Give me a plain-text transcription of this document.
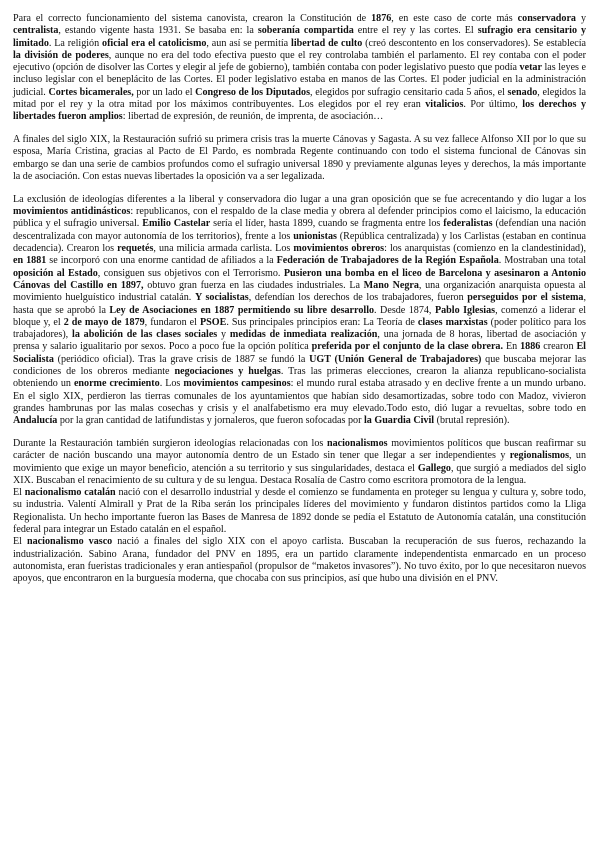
Para el correcto funcionamiento del sistema canovista, crearon la Constitución de 1876, en este caso de corte más conservadora y centralista, estando vigente hasta 1931. Se basaba en: la soberanía compartida entre el rey y las cortes. El sufragio era censitario y limitado. La religión oficial era el catolicismo, aun así se permitía libertad de culto (creó descontento en los conservadores). Se establecía la división de poderes, aunque no era del todo efectiva puesto que el rey controlaba también el parlamento. El rey contaba con el poder ejecutivo (opción de disolver las Cortes y elegir al jefe de gobierno), también contaba con poder legislativo puesto que podía vetar las leyes e incluso legislar con el beneplácito de las Cortes. El poder legislativo estaba en manos de las Cortes. El poder judicial en la administración judicial. Cortes bicamerales, por un lado el Congreso de los Diputados, elegidos por sufragio censitario cada 5 años, el senado, elegidos la mitad por el rey y la otra mitad por los máximos contribuyentes. Los elegidos por el rey eran vitalicios. Por último, los derechos y libertades fueron amplios: libertad de expresión, de reunión, de imprenta, de asociación…

A finales del siglo XIX, la Restauración sufrió su primera crisis tras la muerte Cánovas y Sagasta. A su vez fallece Alfonso XII por lo que su esposa, María Cristina, gracias al Pacto de El Pardo, es nombrada Regente continuando con todo el sistema funcional de Cánovas sin embargo se dan una serie de cambios profundos como el sufragio universal 1890 y previamente algunas leyes y derechos, la más importante la de asociación. Con estas nuevas libertades la oposición va a ser legalizada.

La exclusión de ideologías diferentes a la liberal y conservadora dio lugar a una gran oposición que se fue acrecentando y dio lugar a los movimientos antidinásticos: republicanos, con el respaldo de la clase media y obrera al defender principios como el laicismo, la educación pública y el sufragio universal. Emilio Castelar sería el líder, hasta 1899, cuando se fragmenta entre los federalistas (defendían una nación descentralizada con mayor autonomía de los territorios), frente a los unionistas (República centralizada) y los Carlistas (estaban en continua decadencia). Crearon los requetés, una milicia armada carlista. Los movimientos obreros: los anarquistas (comienzo en la clandestinidad), en 1881 se incorporó con una enorme cantidad de afiliados a la Federación de Trabajadores de la Región Española. Mostraban una total oposición al Estado, consiguen sus objetivos con el Terrorismo. Pusieron una bomba en el liceo de Barcelona y asesinaron a Antonio Cánovas del Castillo en 1897, obtuvo gran fuerza en las ciudades industriales. La Mano Negra, una organización anarquista opuesta al movimiento huelguístico industrial catalán. Y socialistas, defendían los derechos de los trabajadores, fueron perseguidos por el sistema, hasta que se aprobó la Ley de Asociaciones en 1887 permitiendo su libre desarrollo. Desde 1874, Pablo Iglesias, comenzó a liderar el bloque y, el 2 de mayo de 1879, fundaron el PSOE. Sus principales principios eran: La Teoría de clases marxistas (poder político para los trabajadores), la abolición de las clases sociales y medidas de inmediata realización, una jornada de 8 horas, libertad de asociación y prensa y salario igualitario por sexos. Poco a poco fue la opción política preferida por el conjunto de la clase obrera. En 1886 crearon El Socialista (periódico oficial). Tras la grave crisis de 1887 se fundó la UGT (Unión General de Trabajadores) que buscaba mejorar las condiciones de los obreros mediante negociaciones y huelgas. Tras las primeras elecciones, crearon la alianza republicano-socialista obteniendo un enorme crecimiento. Los movimientos campesinos: el mundo rural estaba atrasado y en declive frente a un mundo urbano. En el siglo XIX, perdieron las tierras comunales de los ayuntamientos que habían sido desamortizadas, sobre todo con Madoz, vivieron grandes hambrunas por las malas cosechas y crisis y el analfabetismo era muy elevado.Todo esto, dió lugar a revueltas, sobre todo en Andalucía por la gran cantidad de latifundistas y jornaleros, que fueron sofocadas por la Guardia Civil (brutal represión).

Durante la Restauración también surgieron ideologías relacionadas con los nacionalismos movimientos políticos que buscan reafirmar su carácter de nación buscando una mayor autonomía dentro de un Estado sin tener que llegar a ser independientes y regionalismos, un movimiento que exige un mayor beneficio, atención a su territorio y sus singularidades, destaca el Gallego, que surgió a mediados del siglo XIX. Buscaban el renacimiento de su cultura y de su lengua. Destaca Rosalía de Castro como escritora promotora de la lengua.

El nacionalismo catalán nació con el desarrollo industrial y desde el comienzo se fundamenta en proteger su lengua y cultura y, sobre todo, su industria. Valentí Almirall y Prat de la Riba serán los principales líderes del movimiento y fundaron distintos partidos como la Lliga Regionalista. Un hecho importante fueron las Bases de Manresa de 1892 donde se pedía el Estatuto de Autonomía catalán, una constitución federal para integrar un Estado catalán en el español.

El nacionalismo vasco nació a finales del siglo XIX con el apoyo carlista. Buscaban la recuperación de sus fueros, rechazando la industrialización. Sabino Arana, fundador del PNV en 1895, era un partido claramente independentista enmarcado en un proceso autonomista, eran fueristas tradicionales y eran antiespañol (propulsor de “maketos invasores”). No tuvo éxito, por lo que necesitaron nuevos apoyos, que encontraron en la burguesía moderna, que chocaba con sus principios, así que hubo una división en el PNV.
